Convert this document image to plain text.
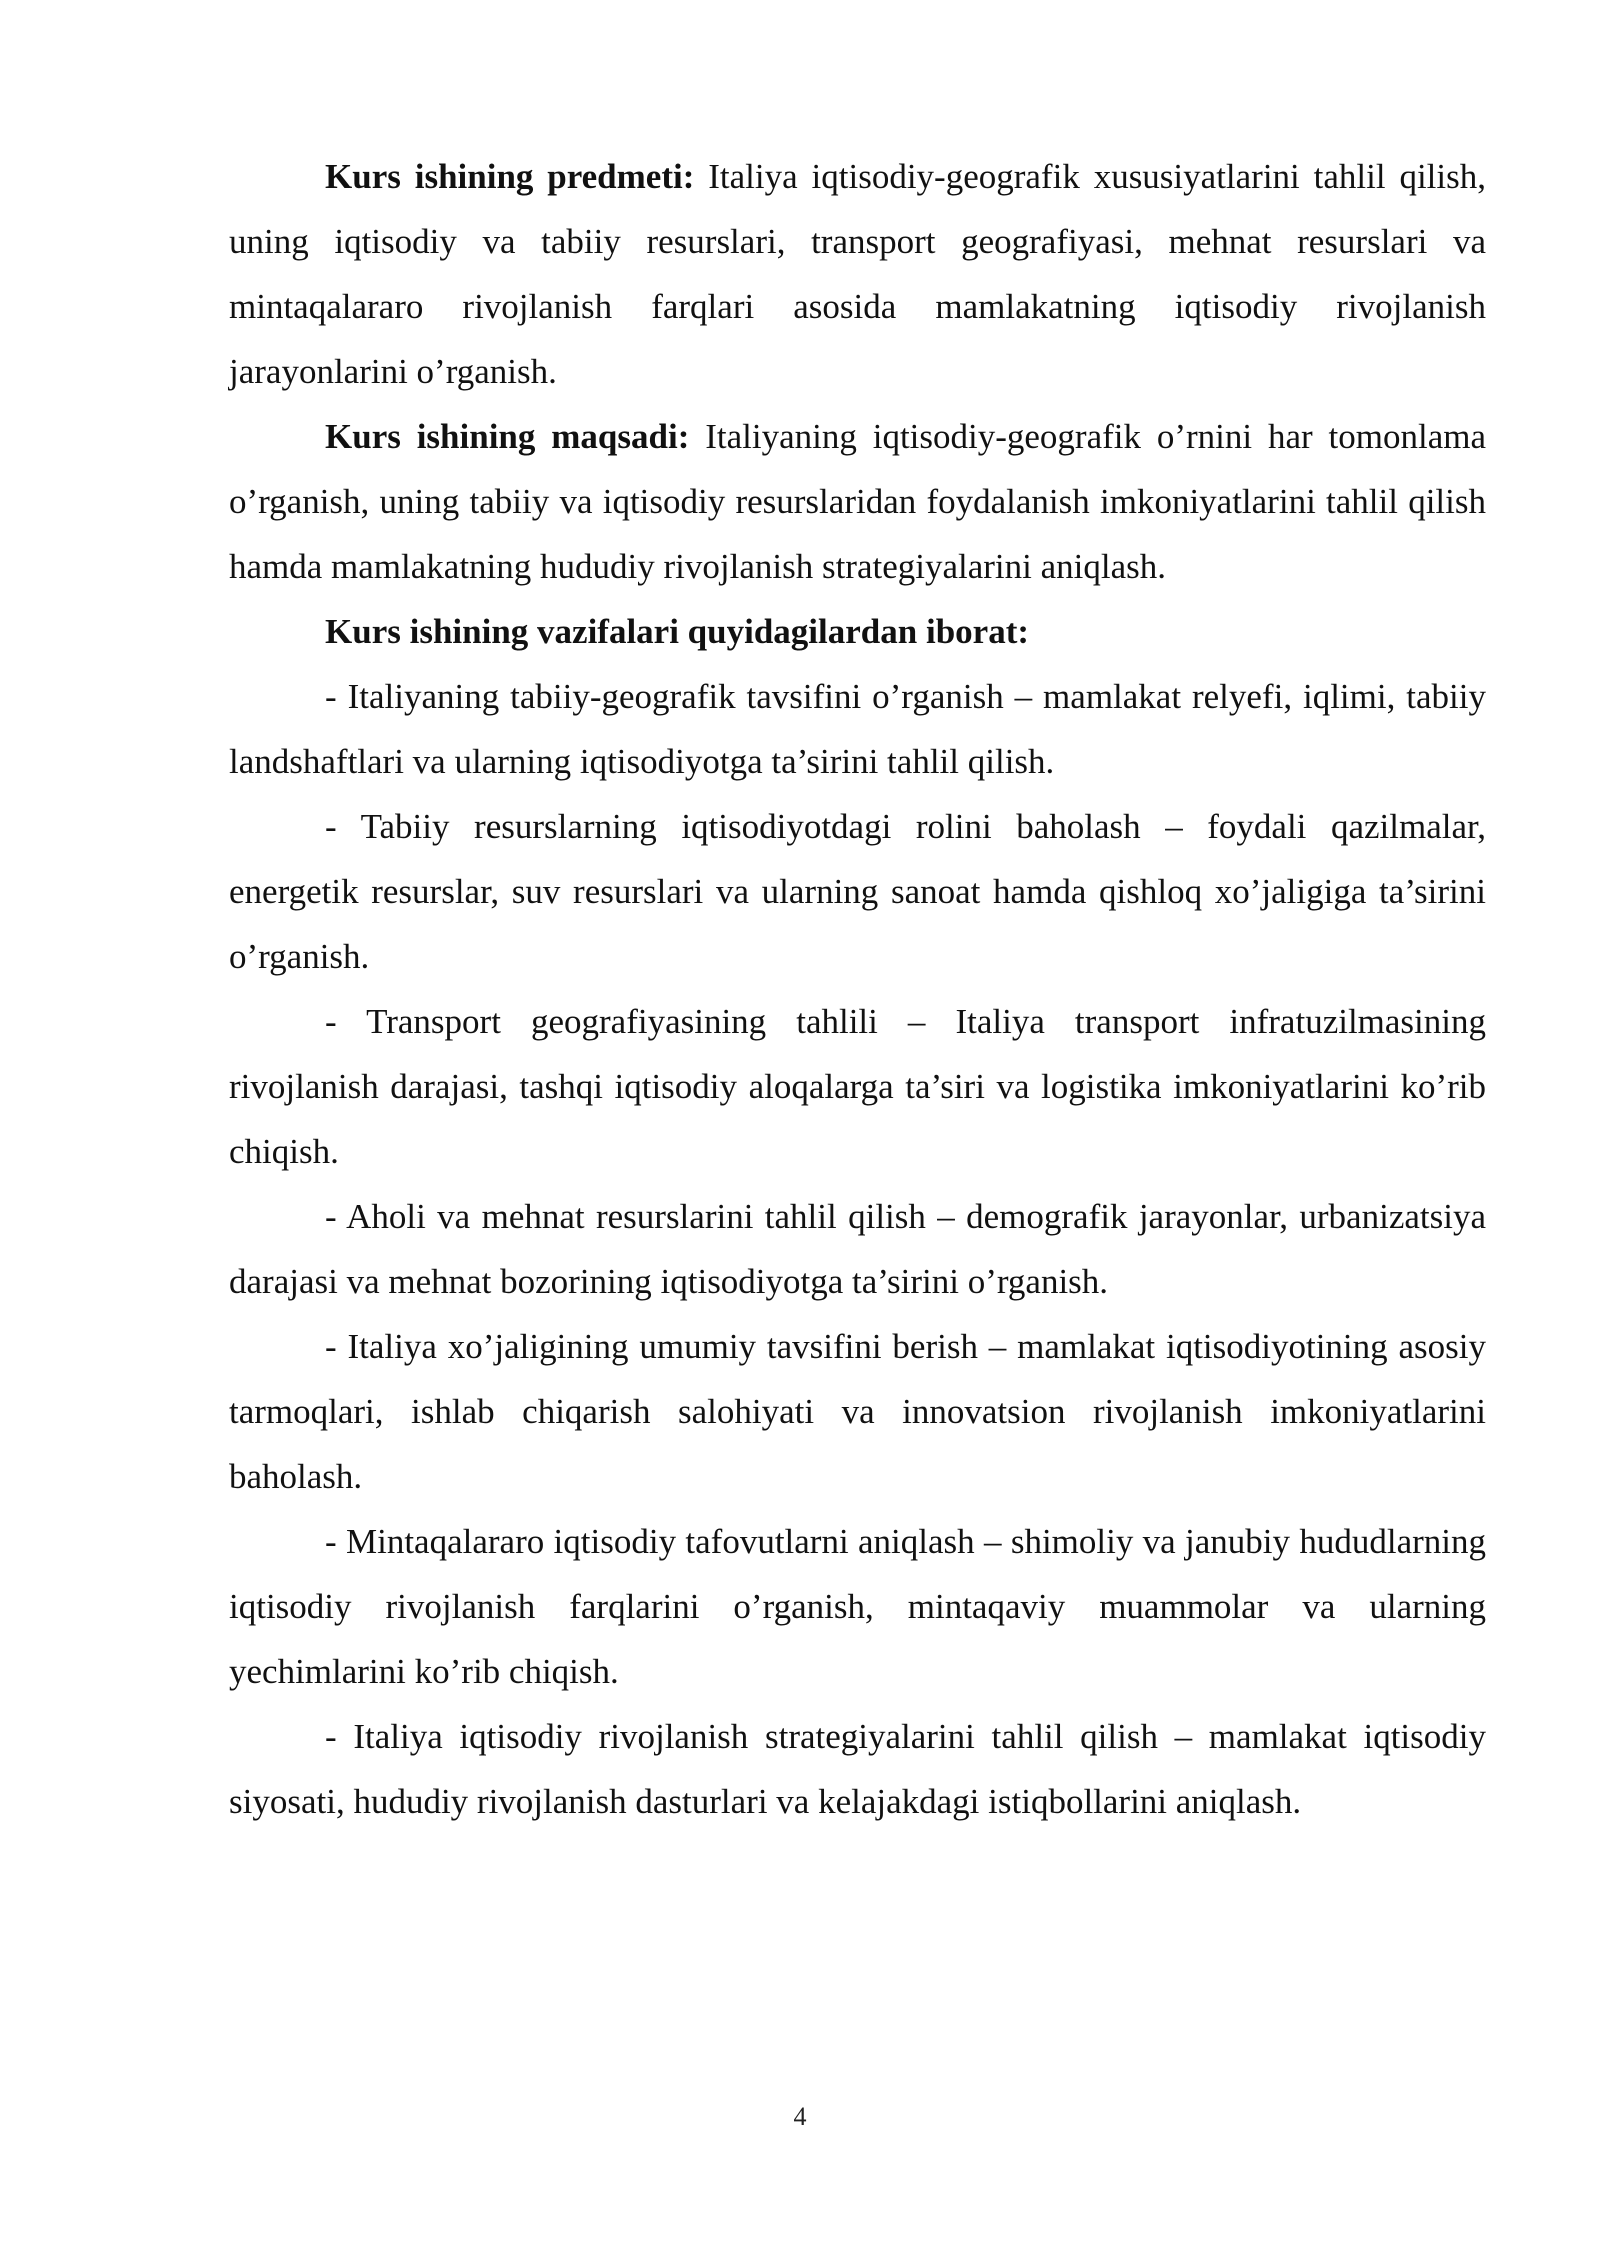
Kurs ishining predmeti: Italiya iqtisodiy-geografik xususiyatlarini tahlil qilish, uning iqtisodiy va tabiiy resurslari, transport geografiyasi, mehnat resurslari va mintaqalararo rivojlanish farqlari asosida mamlakatning iqtisodiy rivojlanish jarayonlarini o’rganish.

Kurs ishining maqsadi: Italiyaning iqtisodiy-geografik o’rnini har tomonlama o’rganish, uning tabiiy va iqtisodiy resurslaridan foydalanish imkoniyatlarini tahlil qilish hamda mamlakatning hududiy rivojlanish strategiyalarini aniqlash.

Kurs ishining vazifalari quyidagilardan iborat:

- Italiyaning tabiiy-geografik tavsifini o’rganish – mamlakat relyefi, iqlimi, tabiiy landshaftlari va ularning iqtisodiyotga ta’sirini tahlil qilish.

- Tabiiy resurslarning iqtisodiyotdagi rolini baholash – foydali qazilmalar, energetik resurslar, suv resurslari va ularning sanoat hamda qishloq xo’jaligiga ta’sirini o’rganish.

- Transport geografiyasining tahlili – Italiya transport infratuzilmasining rivojlanish darajasi, tashqi iqtisodiy aloqalarga ta’siri va logistika imkoniyatlarini ko’rib chiqish.

- Aholi va mehnat resurslarini tahlil qilish – demografik jarayonlar, urbanizatsiya darajasi va mehnat bozorining iqtisodiyotga ta’sirini o’rganish.

- Italiya xo’jaligining umumiy tavsifini berish – mamlakat iqtisodiyotining asosiy tarmoqlari, ishlab chiqarish salohiyati va innovatsion rivojlanish imkoniyatlarini baholash.

- Mintaqalararo iqtisodiy tafovutlarni aniqlash – shimoliy va janubiy hududlarning iqtisodiy rivojlanish farqlarini o’rganish, mintaqaviy muammolar va ularning yechimlarini ko’rib chiqish.

- Italiya iqtisodiy rivojlanish strategiyalarini tahlil qilish – mamlakat iqtisodiy siyosati, hududiy rivojlanish dasturlari va kelajakdagi istiqbollarini aniqlash.

4
